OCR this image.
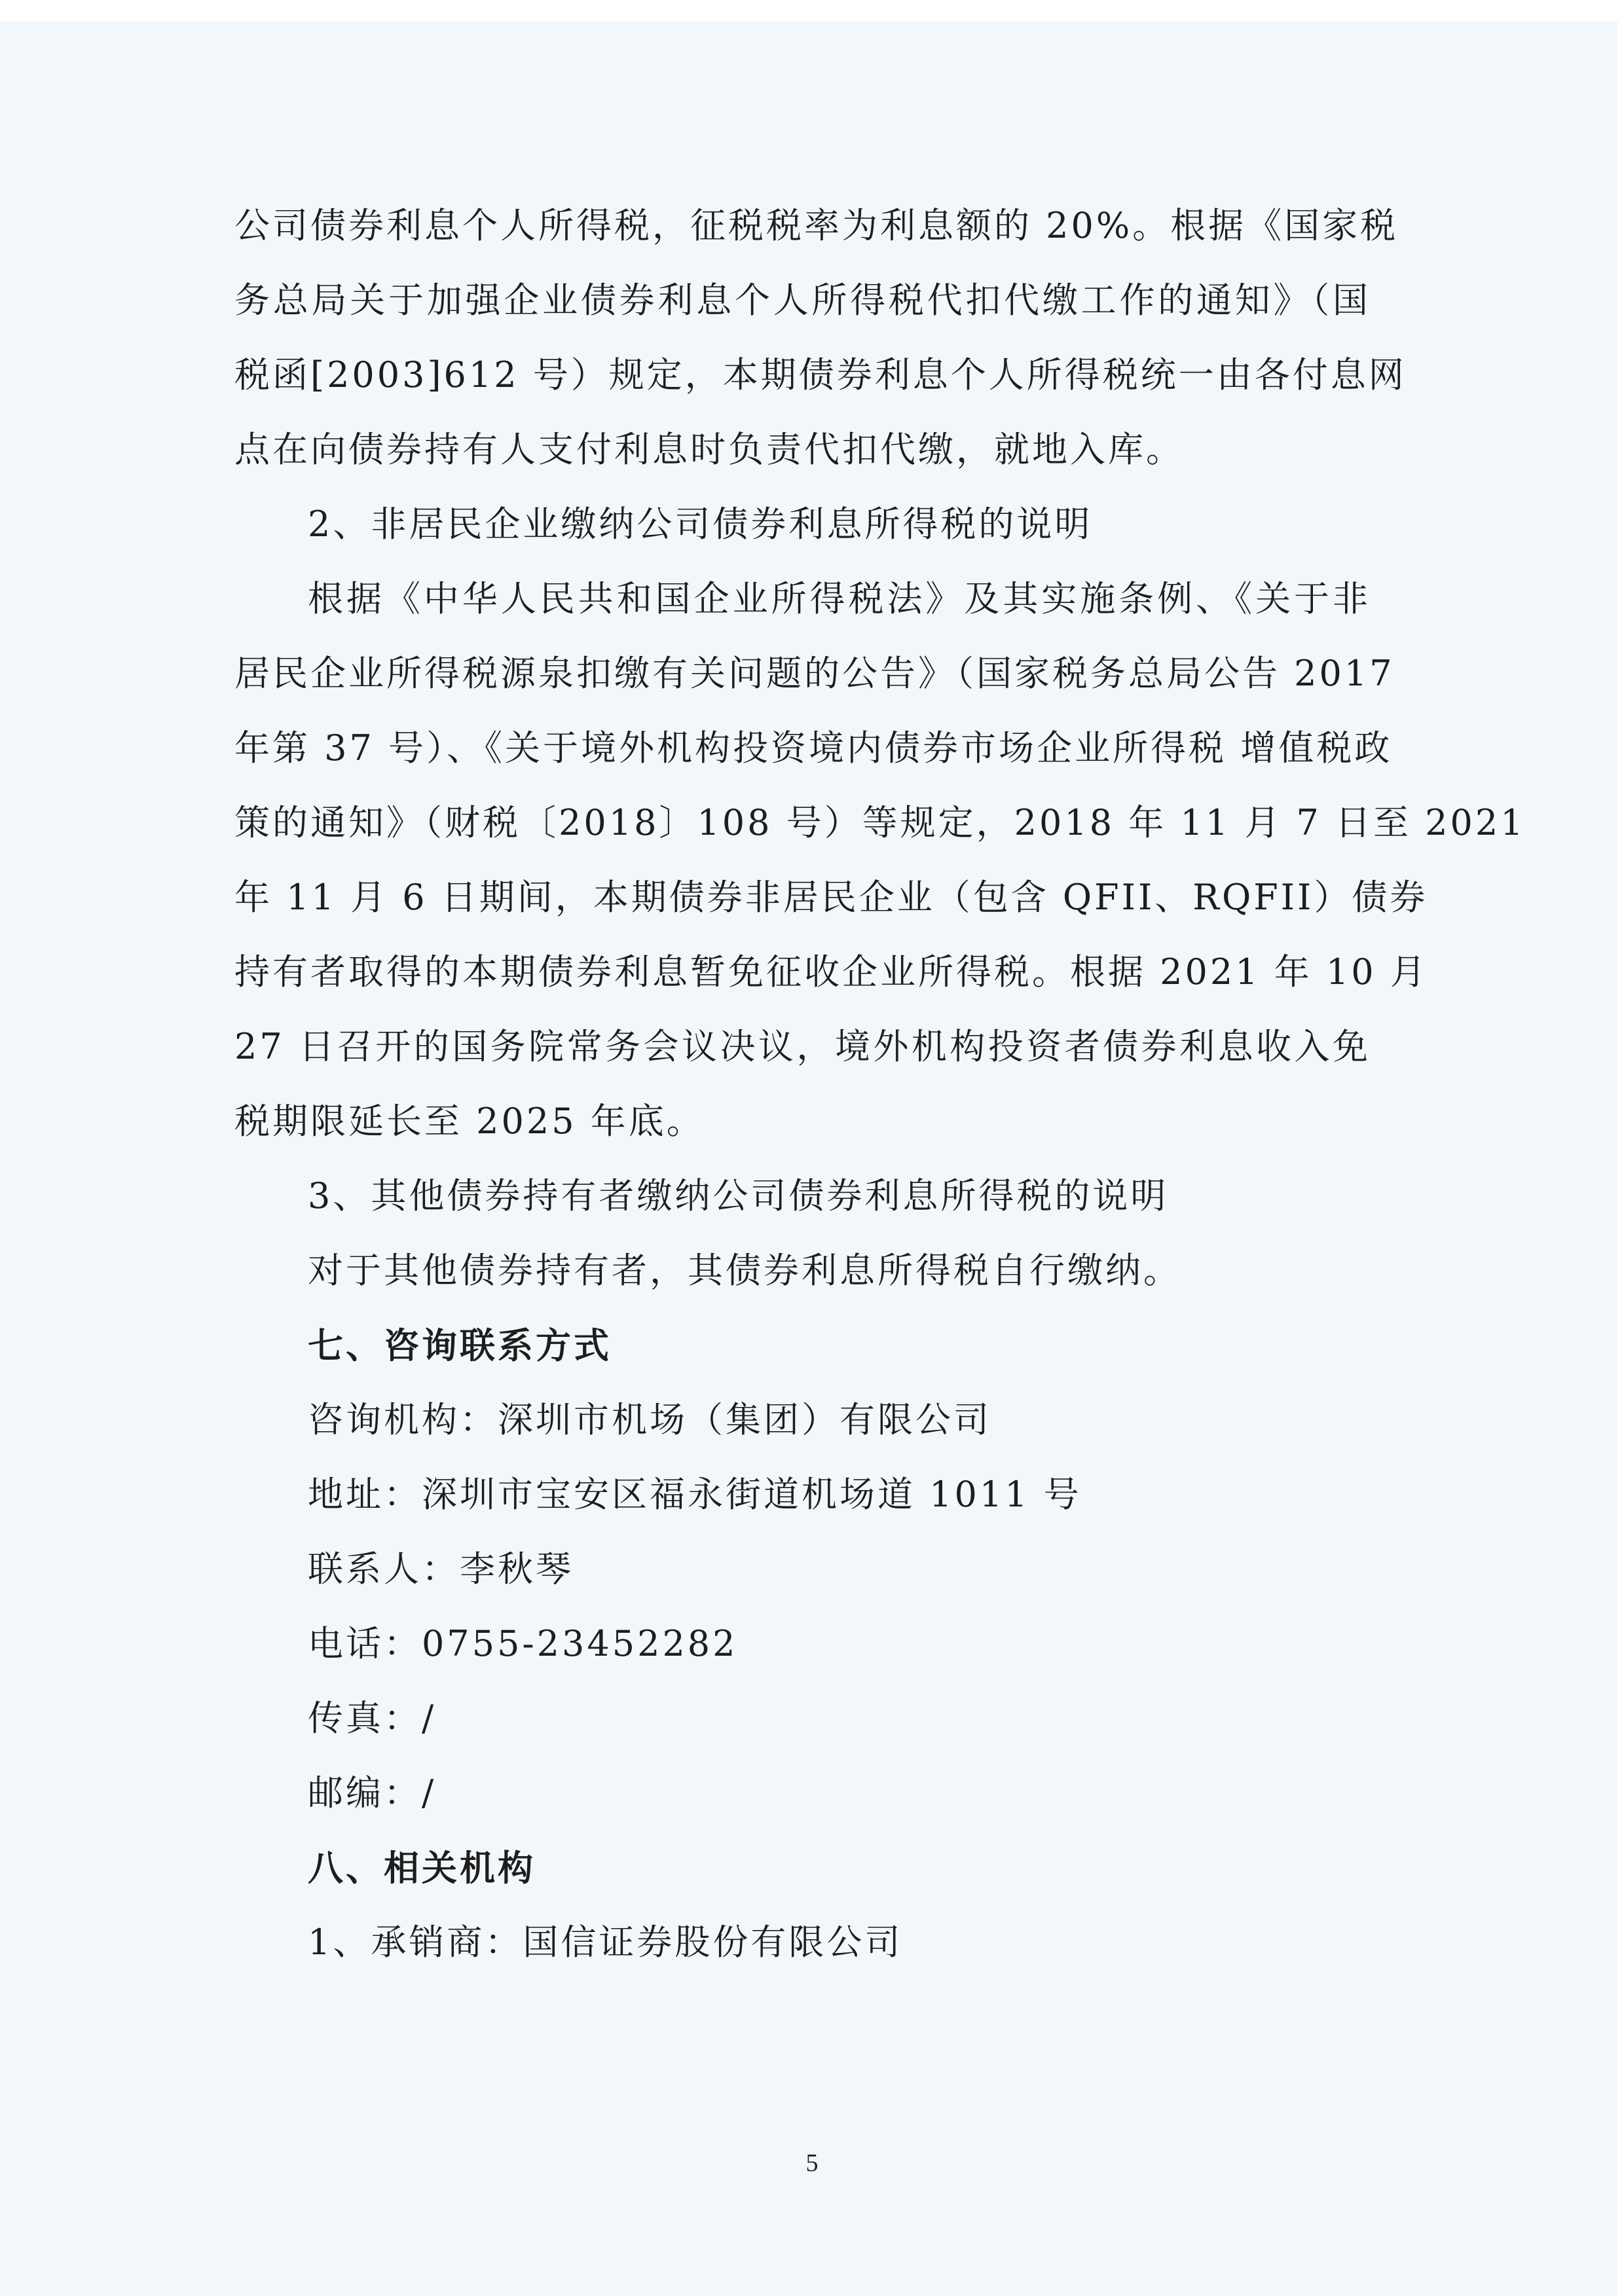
公司债券利息个人所得税，征税税率为利息额的 20%。根据《国家税
务总局关于加强企业债券利息个人所得税代扣代缴工作的通知》（国
税函[2003]612 号）规定，本期债券利息个人所得税统一由各付息网
点在向债券持有人支付利息时负责代扣代缴，就地入库。
2、非居民企业缴纳公司债券利息所得税的说明
根据《中华人民共和国企业所得税法》及其实施条例、《关于非
居民企业所得税源泉扣缴有关问题的公告》（国家税务总局公告 2017
年第 37 号）、《关于境外机构投资境内债券市场企业所得税 增值税政
策的通知》（财税〔2018〕108 号）等规定，2018 年 11 月 7 日至 2021
年 11 月 6 日期间，本期债券非居民企业（包含 QFII、RQFII）债券
持有者取得的本期债券利息暂免征收企业所得税。根据 2021 年 10 月
27 日召开的国务院常务会议决议，境外机构投资者债券利息收入免
税期限延长至 2025 年底。
3、其他债券持有者缴纳公司债券利息所得税的说明
对于其他债券持有者，其债券利息所得税自行缴纳。
七、咨询联系方式
咨询机构：深圳市机场（集团）有限公司
地址：深圳市宝安区福永街道机场道 1011 号
联系人：李秋琴
电话：0755-23452282
传真：/
邮编：/
八、相关机构
1、承销商：国信证券股份有限公司
5
